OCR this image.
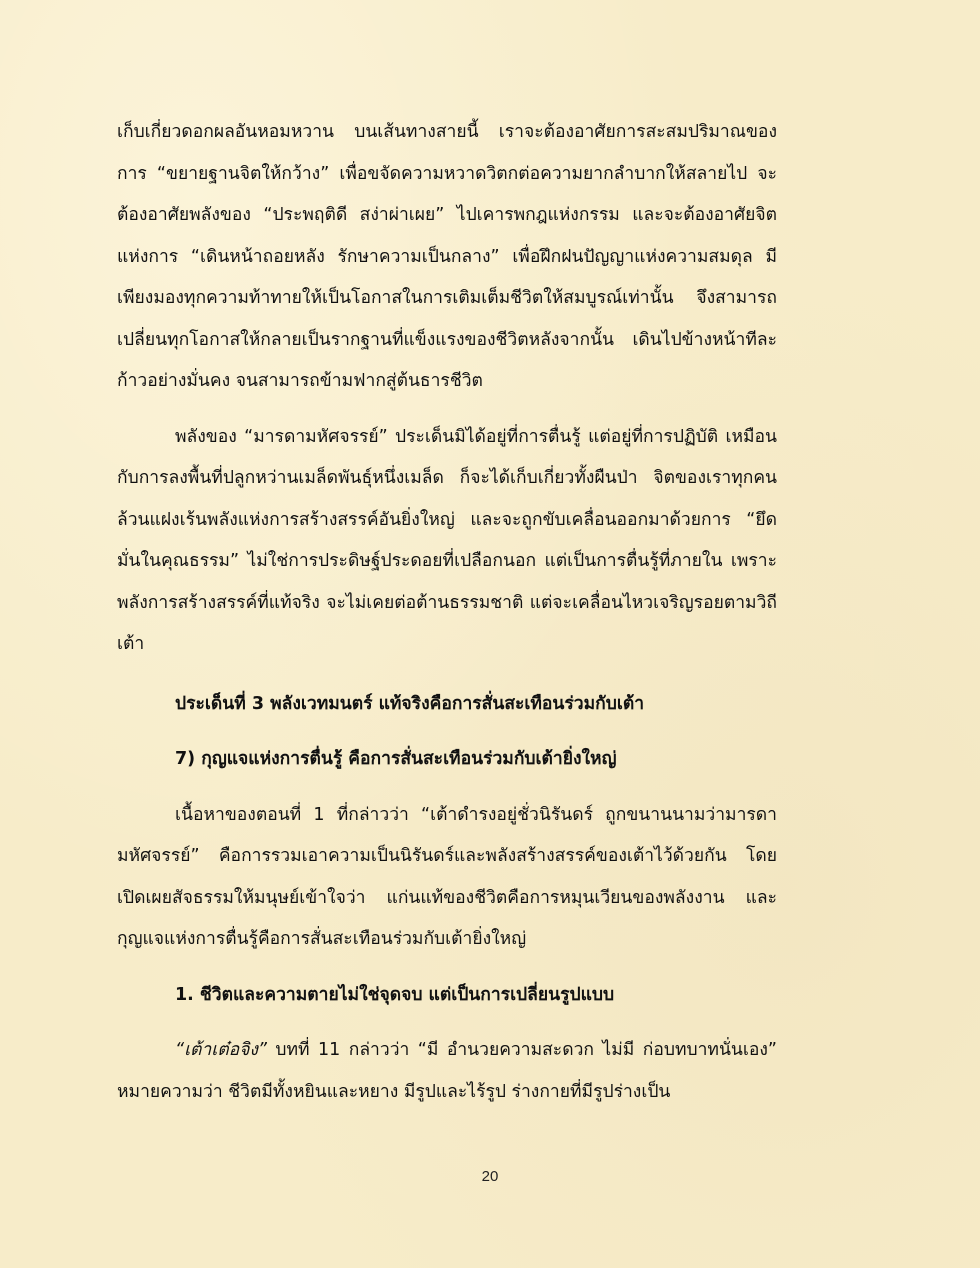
เก็บเกี่ยวดอกผลอันหอมหวาน บนเส้นทางสายนี้ เราจะต้องอาศัยการสะสมปริมาณของการ “ขยายฐานจิตให้กว้าง” เพื่อขจัดความหวาดวิตกต่อความยากลำบากให้สลายไป จะต้องอาศัยพลังของ “ประพฤติดี สง่าผ่าเผย” ไปเคารพกฎแห่งกรรม และจะต้องอาศัยจิตแห่งการ “เดินหน้าถอยหลัง รักษาความเป็นกลาง” เพื่อฝึกฝนปัญญาแห่งความสมดุล มีเพียงมองทุกความท้าทายให้เป็นโอกาสในการเติมเต็มชีวิตให้สมบูรณ์เท่านั้น จึงสามารถเปลี่ยนทุกโอกาสให้กลายเป็นรากฐานที่แข็งแรงของชีวิตหลังจากนั้น เดินไปข้างหน้าทีละก้าวอย่างมั่นคง จนสามารถข้ามฟากสู่ต้นธารชีวิต

พลังของ “มารดามหัศจรรย์” ประเด็นมิได้อยู่ที่การตื่นรู้ แต่อยู่ที่การปฏิบัติ เหมือนกับการลงพื้นที่ปลูกหว่านเมล็ดพันธุ์หนึ่งเมล็ด ก็จะได้เก็บเกี่ยวทั้งผืนป่า จิตของเราทุกคนล้วนแฝงเร้นพลังแห่งการสร้างสรรค์อันยิ่งใหญ่ และจะถูกขับเคลื่อนออกมาด้วยการ “ยึดมั่นในคุณธรรม” ไม่ใช่การประดิษฐ์ประดอยที่เปลือกนอก แต่เป็นการตื่นรู้ที่ภายใน เพราะพลังการสร้างสรรค์ที่แท้จริง จะไม่เคยต่อต้านธรรมชาติ แต่จะเคลื่อนไหวเจริญรอยตามวิถีเต้า

ประเด็นที่ 3 พลังเวทมนตร์ แท้จริงคือการสั่นสะเทือนร่วมกับเต้า

7) กุญแจแห่งการตื่นรู้ คือการสั่นสะเทือนร่วมกับเต้ายิ่งใหญ่

เนื้อหาของตอนที่ 1 ที่กล่าวว่า “เต้าดำรงอยู่ชั่วนิรันดร์ ถูกขนานนามว่ามารดามหัศจรรย์” คือการรวมเอาความเป็นนิรันดร์และพลังสร้างสรรค์ของเต้าไว้ด้วยกัน โดยเปิดเผยสัจธรรมให้มนุษย์เข้าใจว่า แก่นแท้ของชีวิตคือการหมุนเวียนของพลังงาน และกุญแจแห่งการตื่นรู้คือการสั่นสะเทือนร่วมกับเต้ายิ่งใหญ่

1. ชีวิตและความตายไม่ใช่จุดจบ แต่เป็นการเปลี่ยนรูปแบบ

“เต้าเต๋อจิง” บทที่ 11 กล่าวว่า “มี อำนวยความสะดวก ไม่มี ก่อบทบาทนั่นเอง” หมายความว่า ชีวิตมีทั้งหยินและหยาง มีรูปและไร้รูป ร่างกายที่มีรูปร่างเป็น

20
